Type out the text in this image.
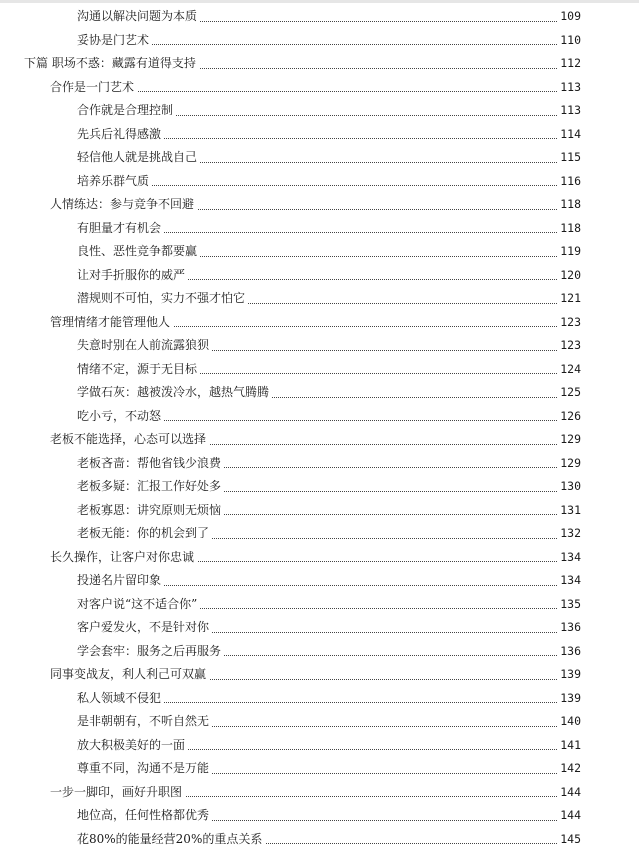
沟通以解决问题为本质	109
妥协是门艺术	110
下篇 职场不惑：藏露有道得支持	112
合作是一门艺术	113
合作就是合理控制	113
先兵后礼得感激	114
轻信他人就是挑战自己	115
培养乐群气质	116
人情练达：参与竞争不回避	118
有胆量才有机会	118
良性、恶性竞争都要赢	119
让对手折服你的威严	120
潜规则不可怕，实力不强才怕它	121
管理情绪才能管理他人	123
失意时别在人前流露狼狈	123
情绪不定，源于无目标	124
学做石灰：越被泼冷水，越热气腾腾	125
吃小亏，不动怒	126
老板不能选择，心态可以选择	129
老板吝啬：帮他省钱少浪费	129
老板多疑：汇报工作好处多	130
老板寡恩：讲究原则无烦恼	131
老板无能：你的机会到了	132
长久操作，让客户对你忠诚	134
投递名片留印象	134
对客户说“这不适合你”	135
客户爱发火，不是针对你	136
学会套牢：服务之后再服务	136
同事变战友，利人利己可双赢	139
私人领域不侵犯	139
是非朝朝有，不听自然无	140
放大积极美好的一面	141
尊重不同，沟通不是万能	142
一步一脚印，画好升职图	144
地位高，任何性格都优秀	144
花80%的能量经营20%的重点关系	145
